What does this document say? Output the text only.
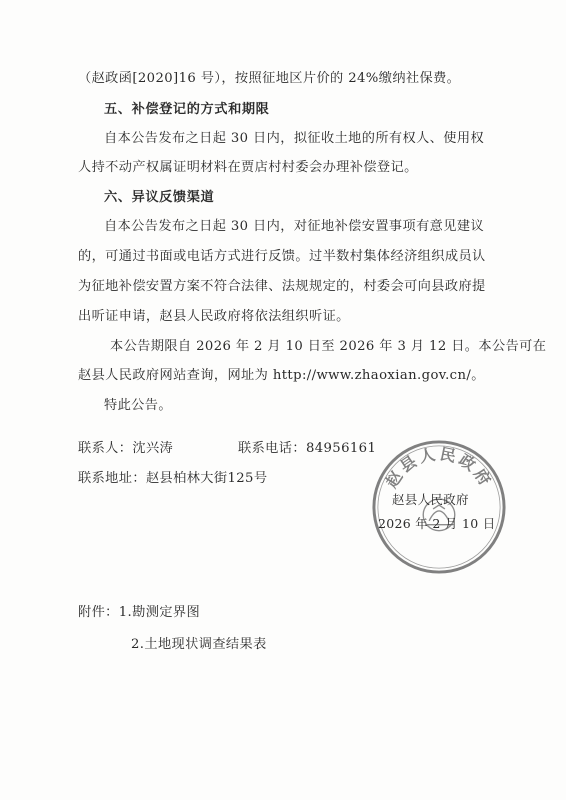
（赵政函[2020]16 号），按照征地区片价的 24%缴纳社保费。
五、补偿登记的方式和期限
自本公告发布之日起 30 日内，拟征收土地的所有权人、使用权
人持不动产权属证明材料在贾店村村委会办理补偿登记。
六、异议反馈渠道
自本公告发布之日起 30 日内，对征地补偿安置事项有意见建议
的，可通过书面或电话方式进行反馈。过半数村集体经济组织成员认
为征地补偿安置方案不符合法律、法规规定的，村委会可向县政府提
出听证申请，赵县人民政府将依法组织听证。
本公告期限自 2026 年 2 月 10 日至 2026 年 3 月 12 日。本公告可在
赵县人民政府网站查询，网址为 http://www.zhaoxian.gov.cn/。
特此公告。
联系人：沈兴涛	联系电话：84956161
联系地址：赵县柏林大街125号	赵县人民政府
赵县人民政府
2026 年 2 月 10 日
附件：1.勘测定界图
2.土地现状调查结果表
